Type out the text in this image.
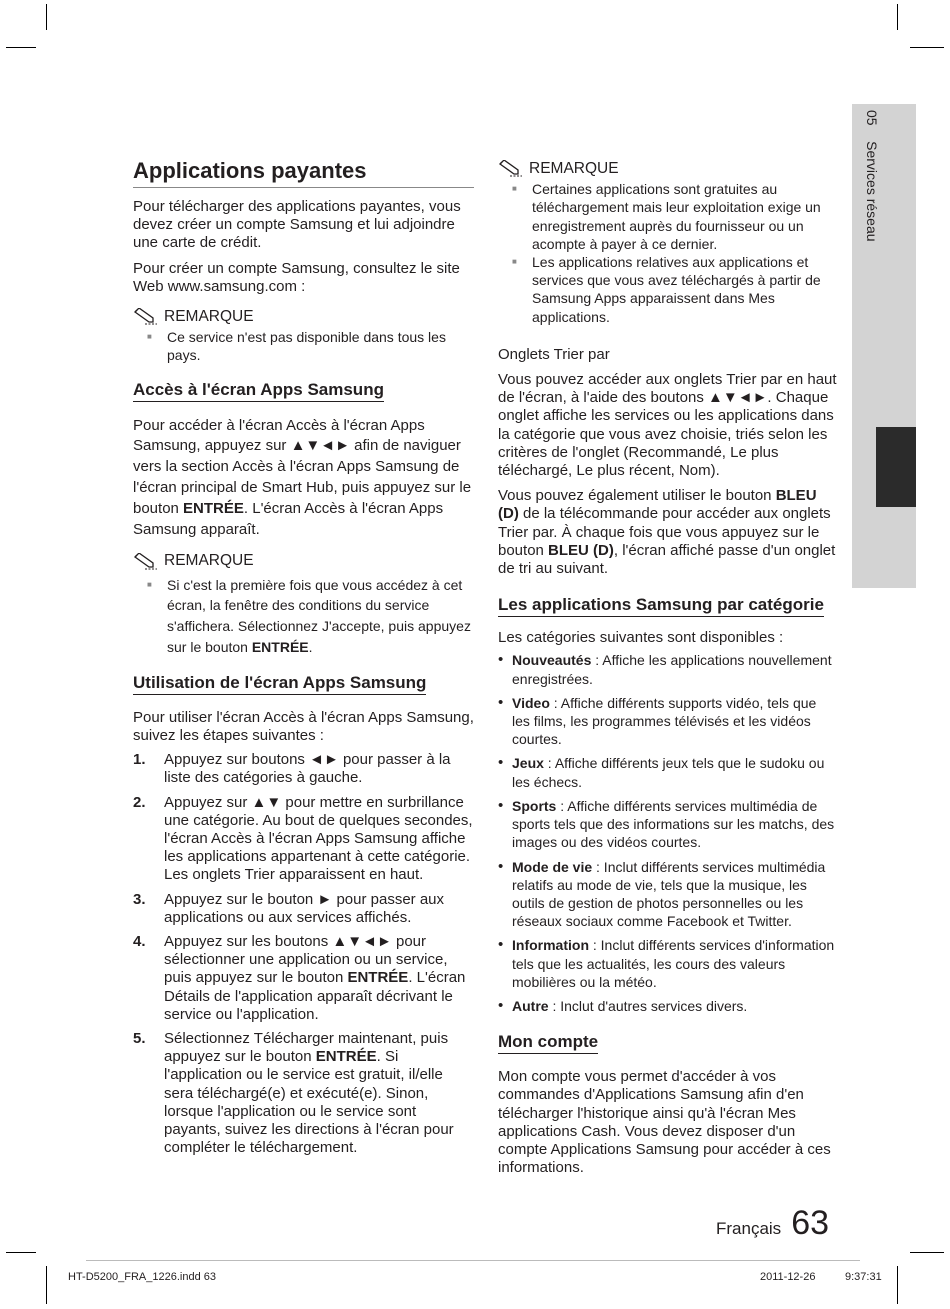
05    Services réseau
Applications payantes

Pour télécharger des applications payantes, vous devez créer un compte Samsung et lui adjoindre une carte de crédit.

Pour créer un compte Samsung, consultez le site Web www.samsung.com :

REMARQUE
■ Ce service n'est pas disponible dans tous les pays.
Accès à l'écran Apps Samsung

Pour accéder à l'écran Accès à l'écran Apps Samsung, appuyez sur ▲▼◄► afin de naviguer vers la section Accès à l'écran Apps Samsung de l'écran principal de Smart Hub, puis appuyez sur le bouton ENTRÉE. L'écran Accès à l'écran Apps Samsung apparaît.

REMARQUE
■ Si c'est la première fois que vous accédez à cet écran, la fenêtre des conditions du service s'affichera. Sélectionnez J'accepte, puis appuyez sur le bouton ENTRÉE.
Utilisation de l'écran Apps Samsung

Pour utiliser l'écran Accès à l'écran Apps Samsung, suivez les étapes suivantes :

1. Appuyez sur boutons ◄► pour passer à la liste des catégories à gauche.
2. Appuyez sur ▲▼ pour mettre en surbrillance une catégorie. Au bout de quelques secondes, l'écran Accès à l'écran Apps Samsung affiche les applications appartenant à cette catégorie. Les onglets Trier apparaissent en haut.
3. Appuyez sur le bouton ► pour passer aux applications ou aux services affichés.
4. Appuyez sur les boutons ▲▼◄► pour sélectionner une application ou un service, puis appuyez sur le bouton ENTRÉE. L'écran Détails de l'application apparaît décrivant le service ou l'application.
5. Sélectionnez Télécharger maintenant, puis appuyez sur le bouton ENTRÉE. Si l'application ou le service est gratuit, il/elle sera téléchargé(e) et exécuté(e). Sinon, lorsque l'application ou le service sont payants, suivez les directions à l'écran pour compléter le téléchargement.
REMARQUE
■ Certaines applications sont gratuites au téléchargement mais leur exploitation exige un enregistrement auprès du fournisseur ou un acompte à payer à ce dernier.
■ Les applications relatives aux applications et services que vous avez téléchargés à partir de Samsung Apps apparaissent dans Mes applications.
Onglets Trier par

Vous pouvez accéder aux onglets Trier par en haut de l'écran, à l'aide des boutons ▲▼◄►. Chaque onglet affiche les services ou les applications dans la catégorie que vous avez choisie, triés selon les critères de l'onglet (Recommandé, Le plus téléchargé, Le plus récent, Nom).

Vous pouvez également utiliser le bouton BLEU (D) de la télécommande pour accéder aux onglets Trier par. À chaque fois que vous appuyez sur le bouton BLEU (D), l'écran affiché passe d'un onglet de tri au suivant.

Les applications Samsung par catégorie

Les catégories suivantes sont disponibles :

• Nouveautés : Affiche les applications nouvellement enregistrées.
• Video : Affiche différents supports vidéo, tels que les films, les programmes télévisés et les vidéos courtes.
• Jeux : Affiche différents jeux tels que le sudoku ou les échecs.
• Sports : Affiche différents services multimédia de sports tels que des informations sur les matchs, des images ou des vidéos courtes.
• Mode de vie : Inclut différents services multimédia relatifs au mode de vie, tels que la musique, les outils de gestion de photos personnelles ou les réseaux sociaux comme Facebook et Twitter.
• Information : Inclut différents services d'information tels que les actualités, les cours des valeurs mobilières ou la météo.
• Autre : Inclut d'autres services divers.
Mon compte

Mon compte vous permet d'accéder à vos commandes d'Applications Samsung afin d'en télécharger l'historique ainsi qu'à l'écran Mes applications Cash. Vous devez disposer d'un compte Applications Samsung pour accéder à ces informations.

Français 63
HT-D5200_FRA_1226.indd 63	2011-12-26	9:37:31
